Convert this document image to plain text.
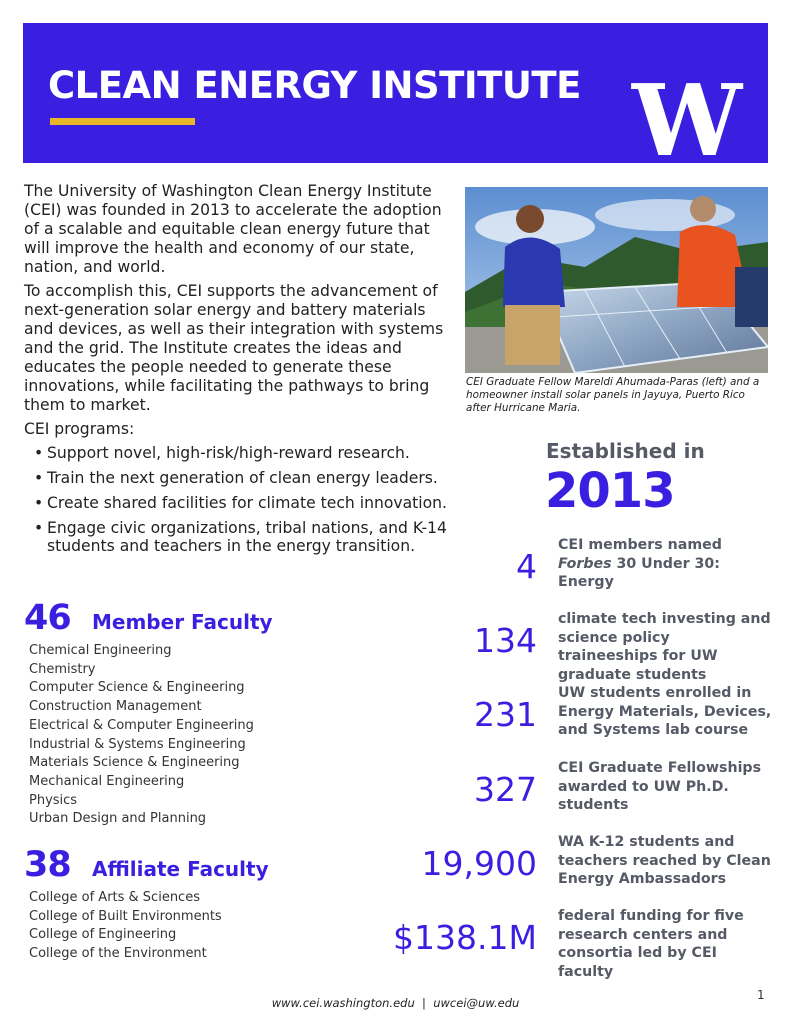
CLEAN ENERGY INSTITUTE W

The University of Washington Clean Energy Institute (CEI) was founded in 2013 to accelerate the adoption of a scalable and equitable clean energy future that will improve the health and economy of our state, nation, and world.

To accomplish this, CEI supports the advancement of next-generation solar energy and battery materials and devices, as well as their integration with systems and the grid. The Institute creates the ideas and educates the people needed to generate these innovations, while facilitating the pathways to bring them to market.

CEI programs:

• Support novel, high-risk/high-reward research.
• Train the next generation of clean energy leaders.
• Create shared facilities for climate tech innovation.
• Engage civic organizations, tribal nations, and K-14 students and teachers in the energy transition.
CEI Graduate Fellow Mareldi Ahumada-Paras (left) and a homeowner install solar panels in Jayuya, Puerto Rico after Hurricane Maria.
Established in
2013
46	Member Faculty
Chemical Engineering
Chemistry
Computer Science & Engineering
Construction Management
Electrical & Computer Engineering
Industrial & Systems Engineering
Materials Science & Engineering
Mechanical Engineering
Physics
Urban Design and Planning
38	Affiliate Faculty
College of Arts & Sciences
College of Built Environments
College of Engineering
College of the Environment
4
CEI members named Forbes 30 Under 30: Energy
134
climate tech investing and science policy traineeships for UW graduate students
231
UW students enrolled in Energy Materials, Devices, and Systems lab course
327
CEI Graduate Fellowships awarded to UW Ph.D. students
19,900
WA K-12 students and teachers reached by Clean Energy Ambassadors
$138.1M
federal funding for five research centers and consortia led by CEI faculty
www.cei.washington.edu  |  uwcei@uw.edu
1
